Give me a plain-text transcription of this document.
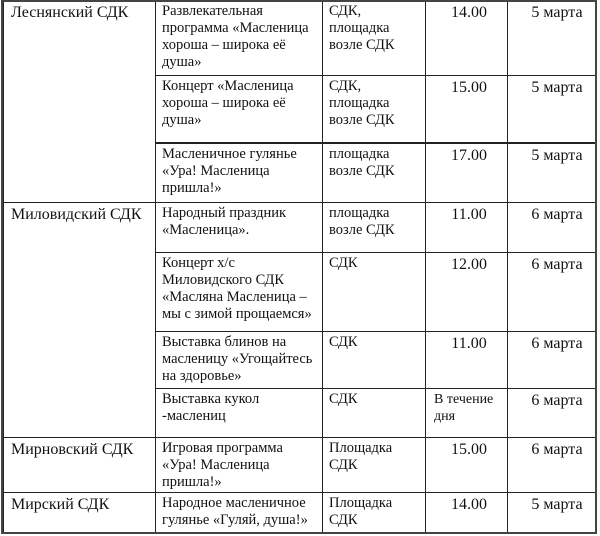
Леснянский СДК	Развлекательная программа «Масленица хороша – широка её душа»	СДК, площадка возле СДК	14.00	5 марта
	Концерт «Масленица хороша – широка её душа»	СДК, площадка возле СДК	15.00	5 марта
	Масленичное гулянье «Ура! Масленица пришла!»	площадка возле СДК	17.00	5 марта
Миловидский СДК	Народный праздник «Масленица».	площадка возле СДК	11.00	6 марта
	Концерт х/с Миловидского СДК «Масляна Масленица – мы с зимой прощаемся»	СДК	12.00	6 марта
	Выставка блинов на масленицу «Угощайтесь на здоровье»	СДК	11.00	6 марта
	Выставка кукол -маслениц	СДК	В течение дня	6 марта
Мирновский СДК	Игровая программа «Ура! Масленица пришла!»	Площадка СДК	15.00	6 марта
Мирский СДК	Народное масленичное гулянье «Гуляй, душа!»	Площадка СДК	14.00	5 марта
